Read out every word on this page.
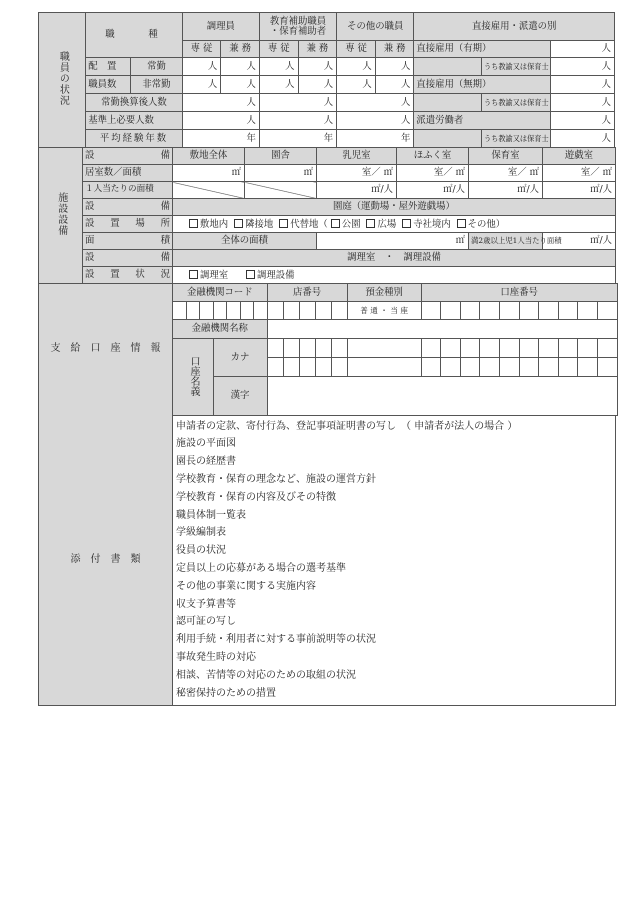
職員の状況	職　　種		調理員		教育補助職員
・保育補助者		その他の職員		直接雇用・派遣の別		
			専 従	兼 務	専 従	兼 務	専 従	兼 務	直接雇用（有期）		人
	配　置	常勤	人	人	人	人	人	人		うち教諭又は保育士	人
	職員数	非常勤	人	人	人	人	人	人	直接雇用（無期）		人
	常勤換算後人数		人		人		人			うち教諭又は保育士	人
	基準上必要人数		人		人		人		派遣労働者		人
	平均経験年数		年		年		年			うち教諭又は保育士	人
施設設備	設　　　備	敷地全体	園舎	乳児室	ほふく室	保育室	遊戯室
	居室数／面積	㎡	㎡	室／ ㎡	室／ ㎡	室／ ㎡	室／ ㎡
	１人当たりの面積			㎡/人	㎡/人	㎡/人	㎡/人
	設　　　備	園庭（運動場・屋外遊戯場）					
	設　置　場　所	敷地内 隣接地 代替地（ 公園 広場 寺社境内 その他）					
	面　　　　　積	全体の面積		㎡		満2歳以上児1人当たり面積	㎡/人
	設　　　備	調理室　・　調理設備					
	設　置　状　況	調理室 調理設備					
支　給　口　座　情　報	金融機関コード							店番号					預金種別	口座番号									
													普 通 ・ 当 座										
	金融機関名称																						
	口座名義			カナ																			

				漢字																			
添　付　書　類	
申請者の定款、寄付行為、登記事項証明書の写し　（ 申請者が法人の場合 ）
施設の平面図
園長の経歴書
学校教育・保育の理念など、施設の運営方針
学校教育・保育の内容及びその特徴
職員体制一覧表
学級編制表
役員の状況
定員以上の応募がある場合の選考基準
その他の事業に関する実施内容
収支予算書等
認可証の写し
利用手続・利用者に対する事前説明等の状況
事故発生時の対応
相談、苦情等の対応のための取組の状況
秘密保持のための措置
